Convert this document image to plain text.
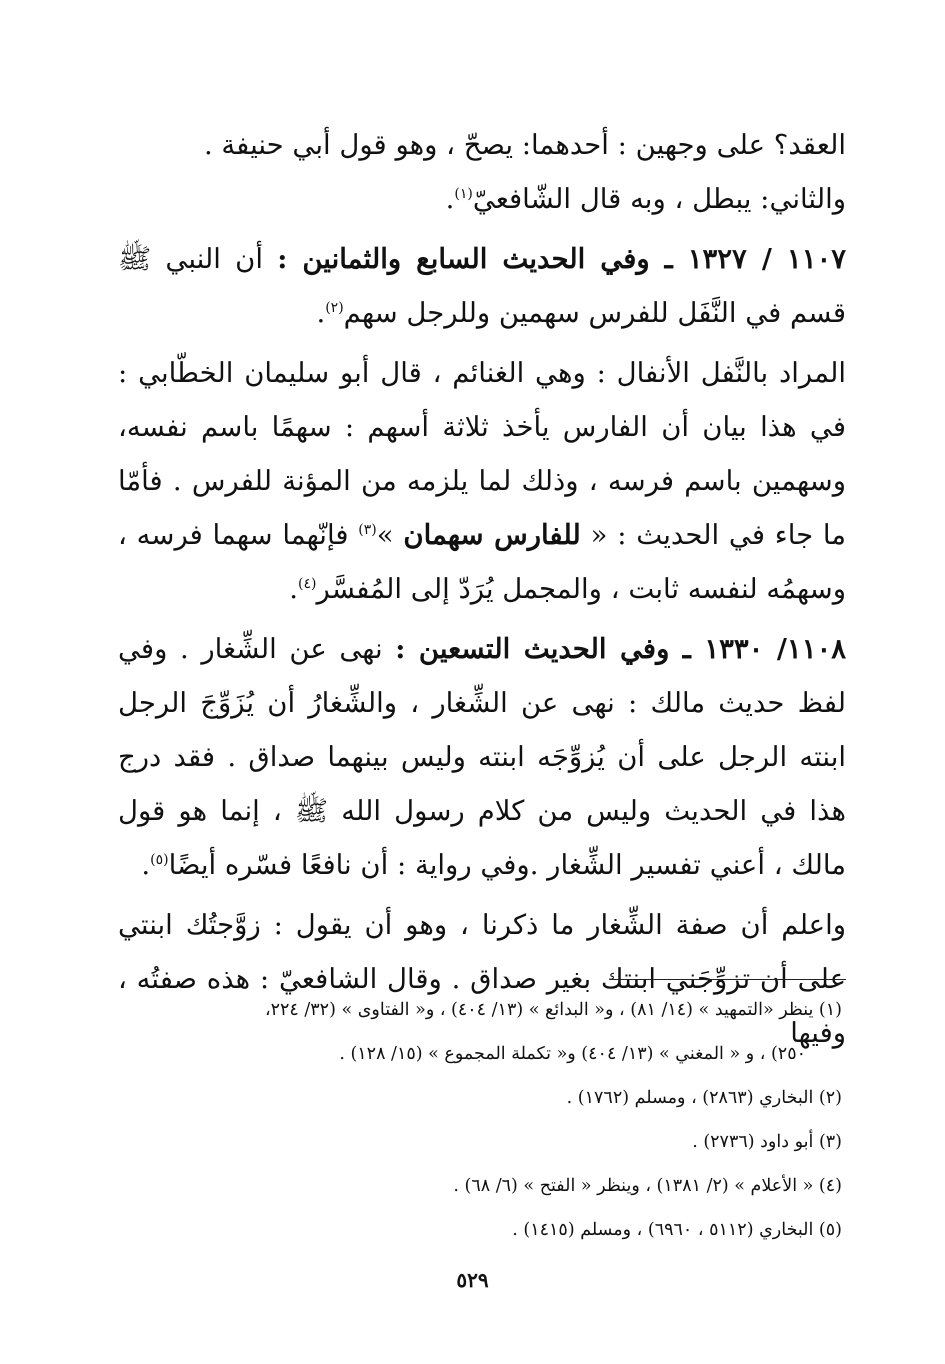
العقد؟ على وجهين : أحدهما: يصحّ ، وهو قول أبي حنيفة .
والثاني: يبطل ، وبه قال الشّافعيّ$^{(١)}$.

١١٠٧ / ١٣٢٧ ـ وفي الحديث السابع والثمانين : أن النبي ﷺ قسم في النَّفَل للفرس سهمين وللرجل سهم$^{(٢)}$.

المراد بالنَّفل الأنفال : وهي الغنائم ، قال أبو سليمان الخطّابي : في هذا بيان أن الفارس يأخذ ثلاثة أسهم : سهمًا باسم نفسه، وسهمين باسم فرسه ، وذلك لما يلزمه من المؤنة للفرس . فأمّا ما جاء في الحديث : « للفارس سهمان »$^{(٣)}$ فإنّهما سهما فرسه ، وسهمُه لنفسه ثابت ، والمجمل يُرَدّ إلى المُفسَّر$^{(٤)}$.

١١٠٨/ ١٣٣٠ ـ وفي الحديث التسعين : نهى عن الشِّغار . وفي لفظ حديث مالك : نهى عن الشِّغار ، والشِّغارُ أن يُزَوِّجَ الرجل ابنته الرجل على أن يُزوِّجَه ابنته وليس بينهما صداق . فقد درج هذا في الحديث وليس من كلام رسول الله ﷺ ، إنما هو قول مالك ، أعني تفسير الشِّغار .وفي رواية : أن نافعًا فسّره أيضًا$^{(٥)}$.

واعلم أن صفة الشِّغار ما ذكرنا ، وهو أن يقول : زوَّجتُك ابنتي على أن تزوِّجَني ابنتك بغير صداق . وقال الشافعيّ : هذه صفتُه ، وفيها

(١) ينظر «التمهيد » (١٤/ ٨١) ، و« البدائع » (١٣/ ٤٠٤) ، و« الفتاوى » (٣٢/ ٢٢٤،

٢٥٠) ، و « المغني » (١٣/ ٤٠٤) و« تكملة المجموع » (١٥/ ١٢٨) .

(٢) البخاري (٢٨٦٣) ، ومسلم (١٧٦٢) .

(٣) أبو داود (٢٧٣٦) .

(٤) « الأعلام » (٢/ ١٣٨١) ، وينظر « الفتح » (٦/ ٦٨) .

(٥) البخاري (٥١١٢ ، ٦٩٦٠) ، ومسلم (١٤١٥) .

٥٢٩
